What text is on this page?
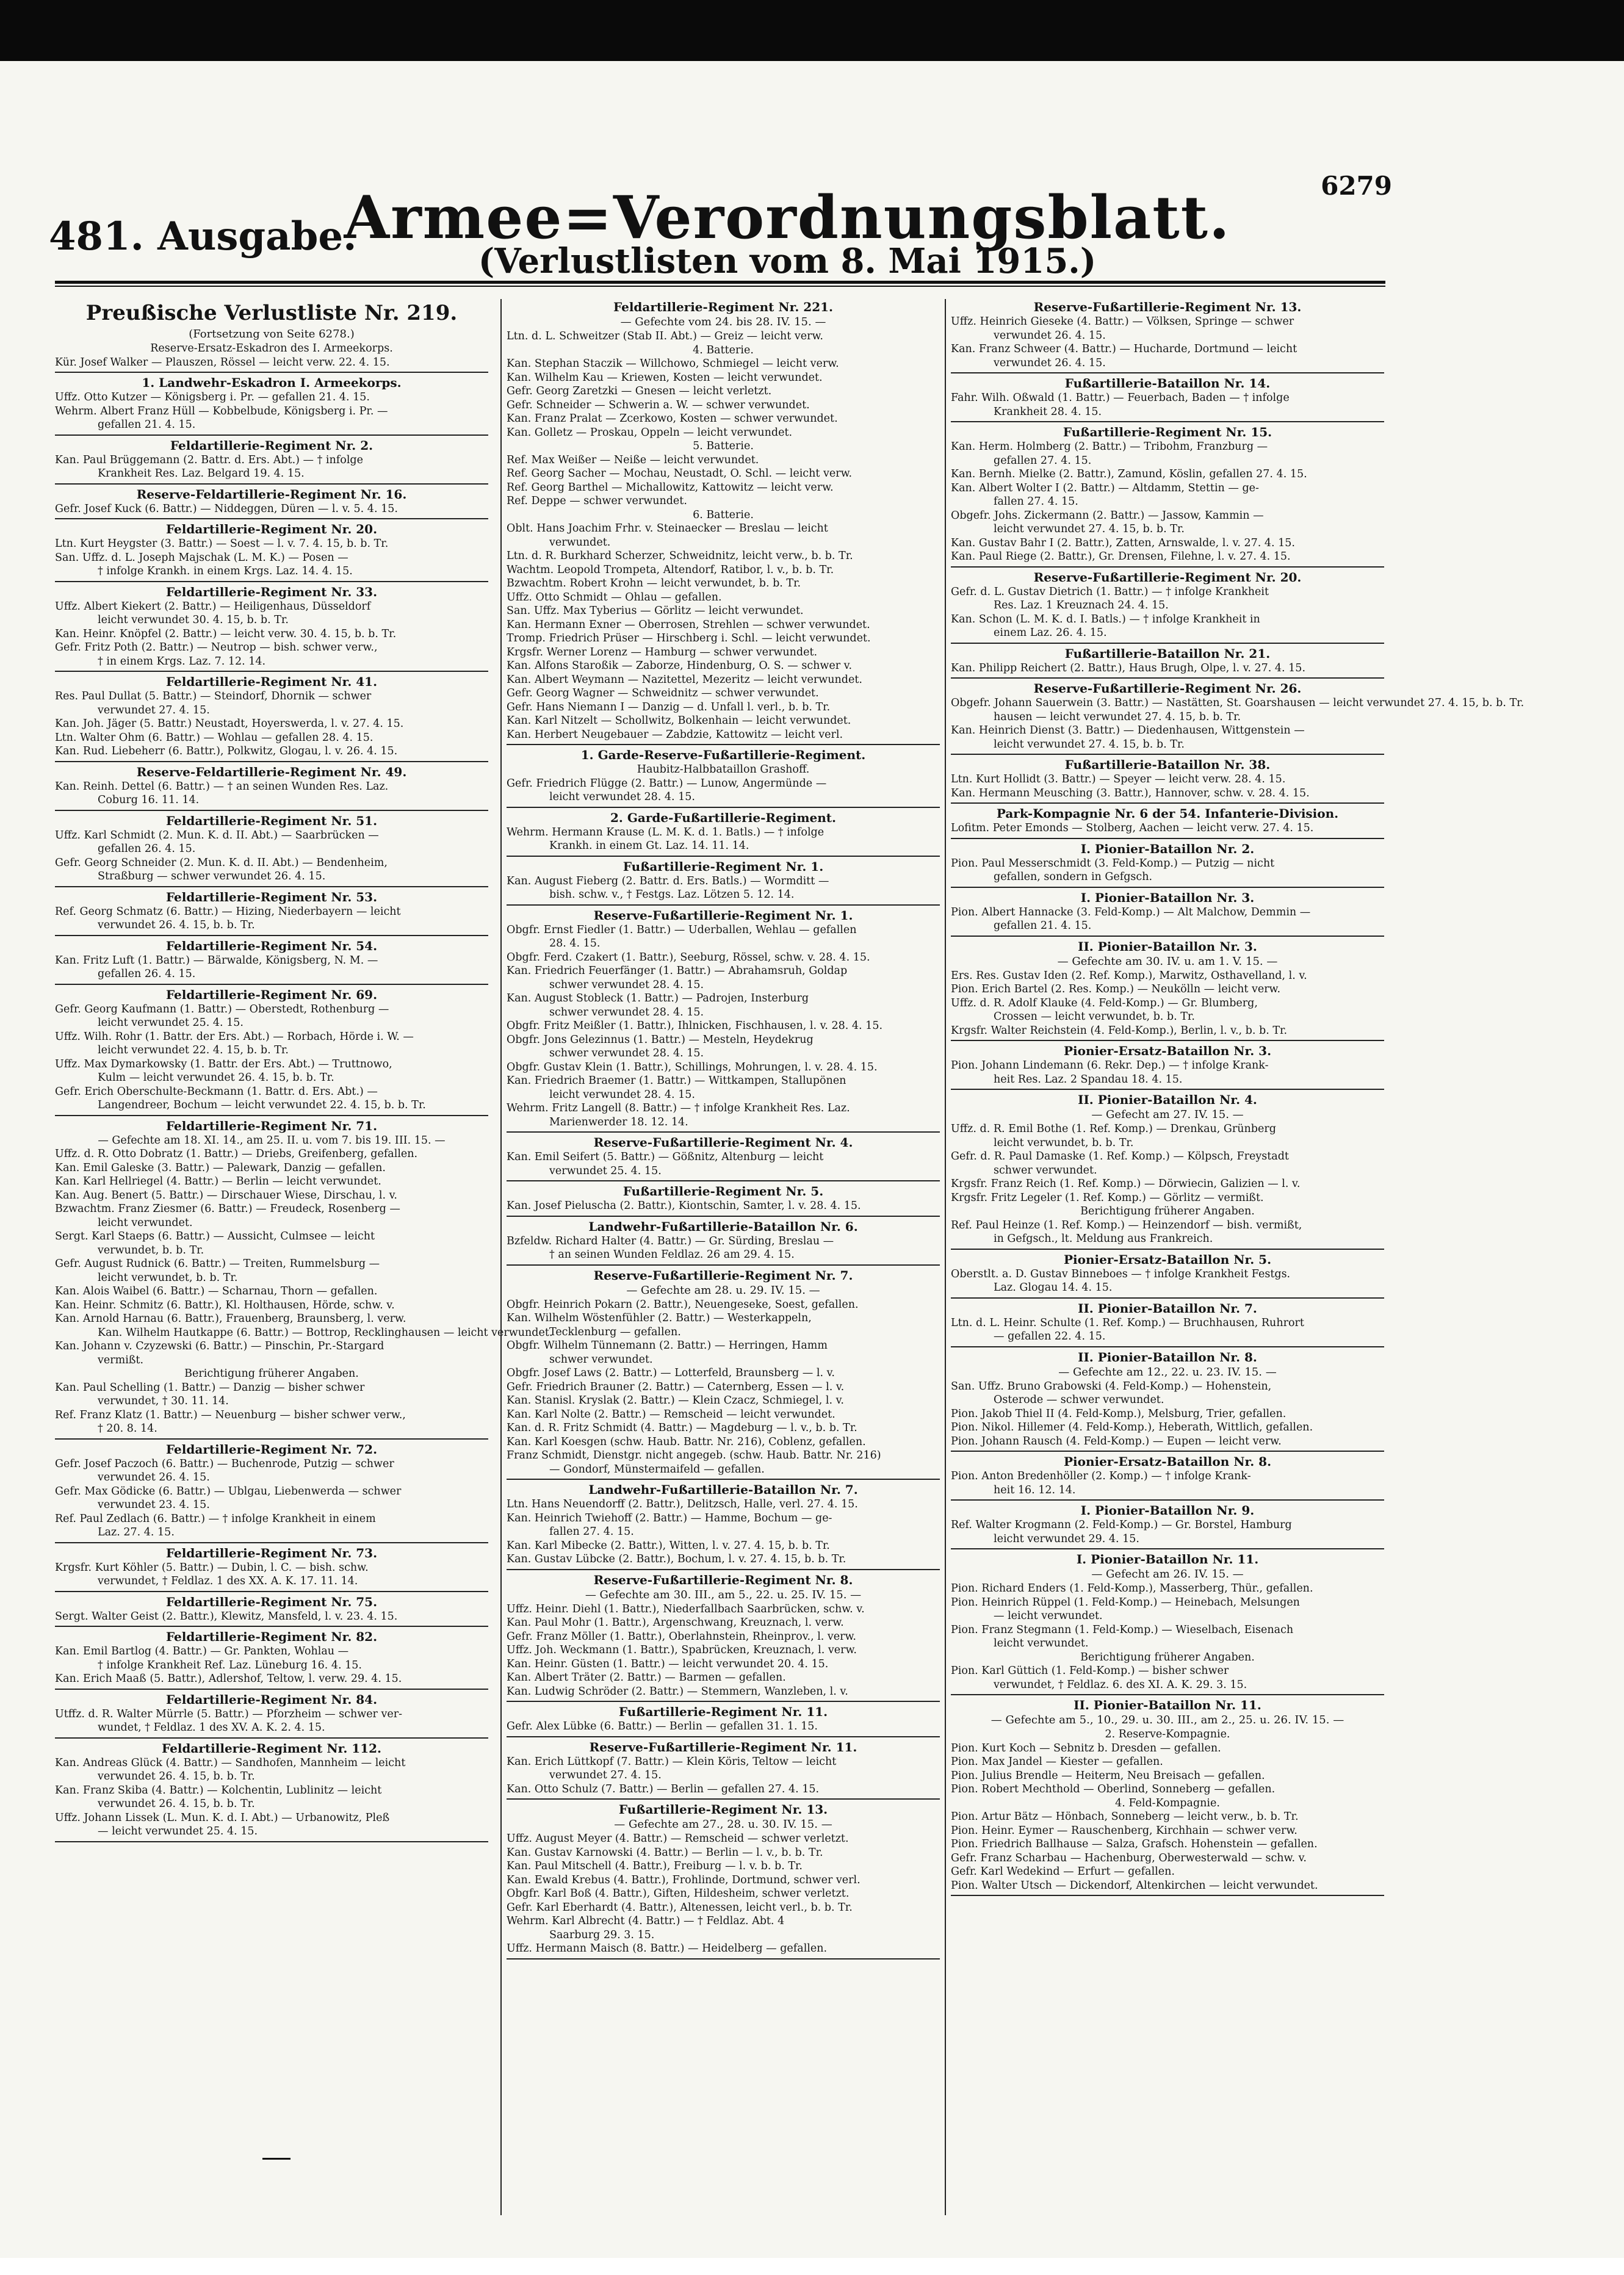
6279
481. Ausgabe.
Armee=Verordnungsblatt.
(Verlustlisten vom 8. Mai 1915.)
Preußische Verlustliste Nr. 219.
(Fortsetzung von Seite 6278.)
Reserve-Ersatz-Eskadron des I. Armeekorps.
Kür. Josef Walker — Plauszen, Rössel — leicht verw. 22. 4. 15.
1. Landwehr-Eskadron I. Armeekorps.
Uffz. Otto Kutzer — Königsberg i. Pr. — gefallen 21. 4. 15.
Wehrm. Albert Franz Hüll — Kobbelbude, Königsberg i. Pr. —
gefallen 21. 4. 15.
Feldartillerie-Regiment Nr. 2.
Kan. Paul Brüggemann (2. Battr. d. Ers. Abt.) — † infolge
Krankheit Res. Laz. Belgard 19. 4. 15.
Reserve-Feldartillerie-Regiment Nr. 16.
Gefr. Josef Kuck (6. Battr.) — Niddeggen, Düren — l. v. 5. 4. 15.
Feldartillerie-Regiment Nr. 20.
Ltn. Kurt Heygster (3. Battr.) — Soest — l. v. 7. 4. 15, b. b. Tr.
San. Uffz. d. L. Joseph Majschak (L. M. K.) — Posen —
† infolge Krankh. in einem Krgs. Laz. 14. 4. 15.
Feldartillerie-Regiment Nr. 33.
Uffz. Albert Kiekert (2. Battr.) — Heiligenhaus, Düsseldorf
leicht verwundet 30. 4. 15, b. b. Tr.
Kan. Heinr. Knöpfel (2. Battr.) — leicht verw. 30. 4. 15, b. b. Tr.
Gefr. Fritz Poth (2. Battr.) — Neutrop — bish. schwer verw.,
† in einem Krgs. Laz. 7. 12. 14.
Feldartillerie-Regiment Nr. 41.
Res. Paul Dullat (5. Battr.) — Steindorf, Dhornik — schwer
verwundet 27. 4. 15.
Kan. Joh. Jäger (5. Battr.) Neustadt, Hoyerswerda, l. v. 27. 4. 15.
Ltn. Walter Ohm (6. Battr.) — Wohlau — gefallen 28. 4. 15.
Kan. Rud. Liebeherr (6. Battr.), Polkwitz, Glogau, l. v. 26. 4. 15.
Reserve-Feldartillerie-Regiment Nr. 49.
Kan. Reinh. Dettel (6. Battr.) — † an seinen Wunden Res. Laz.
Coburg 16. 11. 14.
Feldartillerie-Regiment Nr. 51.
Uffz. Karl Schmidt (2. Mun. K. d. II. Abt.) — Saarbrücken —
gefallen 26. 4. 15.
Gefr. Georg Schneider (2. Mun. K. d. II. Abt.) — Bendenheim,
Straßburg — schwer verwundet 26. 4. 15.
Feldartillerie-Regiment Nr. 53.
Ref. Georg Schmatz (6. Battr.) — Hizing, Niederbayern — leicht
verwundet 26. 4. 15, b. b. Tr.
Feldartillerie-Regiment Nr. 54.
Kan. Fritz Luft (1. Battr.) — Bärwalde, Königsberg, N. M. —
gefallen 26. 4. 15.
Feldartillerie-Regiment Nr. 69.
Gefr. Georg Kaufmann (1. Battr.) — Oberstedt, Rothenburg —
leicht verwundet 25. 4. 15.
Uffz. Wilh. Rohr (1. Battr. der Ers. Abt.) — Rorbach, Hörde i. W. —
leicht verwundet 22. 4. 15, b. b. Tr.
Uffz. Max Dymarkowsky (1. Battr. der Ers. Abt.) — Truttnowo,
Kulm — leicht verwundet 26. 4. 15, b. b. Tr.
Gefr. Erich Oberschulte-Beckmann (1. Battr. d. Ers. Abt.) —
Langendreer, Bochum — leicht verwundet 22. 4. 15, b. b. Tr.
Feldartillerie-Regiment Nr. 71.
— Gefechte am 18. XI. 14., am 25. II. u. vom 7. bis 19. III. 15. —
Uffz. d. R. Otto Dobratz (1. Battr.) — Driebs, Greifenberg, gefallen.
Kan. Emil Galeske (3. Battr.) — Palewark, Danzig — gefallen.
Kan. Karl Hellriegel (4. Battr.) — Berlin — leicht verwundet.
Kan. Aug. Benert (5. Battr.) — Dirschauer Wiese, Dirschau, l. v.
Bzwachtm. Franz Ziesmer (6. Battr.) — Freudeck, Rosenberg —
leicht verwundet.
Sergt. Karl Staeps (6. Battr.) — Aussicht, Culmsee — leicht
verwundet, b. b. Tr.
Gefr. August Rudnick (6. Battr.) — Treiten, Rummelsburg —
leicht verwundet, b. b. Tr.
Kan. Alois Waibel (6. Battr.) — Scharnau, Thorn — gefallen.
Kan. Heinr. Schmitz (6. Battr.), Kl. Holthausen, Hörde, schw. v.
Kan. Arnold Harnau (6. Battr.), Frauenberg, Braunsberg, l. verw.
Kan. Wilhelm Hautkappe (6. Battr.) — Bottrop, Recklinghausen — leicht verwundet.
Kan. Johann v. Czyzewski (6. Battr.) — Pinschin, Pr.-Stargard
vermißt.
Berichtigung früherer Angaben.
Kan. Paul Schelling (1. Battr.) — Danzig — bisher schwer
verwundet, † 30. 11. 14.
Ref. Franz Klatz (1. Battr.) — Neuenburg — bisher schwer verw.,
† 20. 8. 14.
Feldartillerie-Regiment Nr. 72.
Gefr. Josef Paczoch (6. Battr.) — Buchenrode, Putzig — schwer
verwundet 26. 4. 15.
Gefr. Max Gödicke (6. Battr.) — Ublgau, Liebenwerda — schwer
verwundet 23. 4. 15.
Ref. Paul Zedlach (6. Battr.) — † infolge Krankheit in einem
Laz. 27. 4. 15.
Feldartillerie-Regiment Nr. 73.
Krgsfr. Kurt Köhler (5. Battr.) — Dubin, l. C. — bish. schw.
verwundet, † Feldlaz. 1 des XX. A. K. 17. 11. 14.
Feldartillerie-Regiment Nr. 75.
Sergt. Walter Geist (2. Battr.), Klewitz, Mansfeld, l. v. 23. 4. 15.
Feldartillerie-Regiment Nr. 82.
Kan. Emil Bartlog (4. Battr.) — Gr. Pankten, Wohlau —
† infolge Krankheit Ref. Laz. Lüneburg 16. 4. 15.
Kan. Erich Maaß (5. Battr.), Adlershof, Teltow, l. verw. 29. 4. 15.
Feldartillerie-Regiment Nr. 84.
Utffz. d. R. Walter Mürrle (5. Battr.) — Pforzheim — schwer ver-
wundet, † Feldlaz. 1 des XV. A. K. 2. 4. 15.
Feldartillerie-Regiment Nr. 112.
Kan. Andreas Glück (4. Battr.) — Sandhofen, Mannheim — leicht
verwundet 26. 4. 15, b. b. Tr.
Kan. Franz Skiba (4. Battr.) — Kolchentin, Lublinitz — leicht
verwundet 26. 4. 15, b. b. Tr.
Uffz. Johann Lissek (L. Mun. K. d. I. Abt.) — Urbanowitz, Pleß
— leicht verwundet 25. 4. 15.
Feldartillerie-Regiment Nr. 221.
— Gefechte vom 24. bis 28. IV. 15. —
Ltn. d. L. Schweitzer (Stab II. Abt.) — Greiz — leicht verw.
4. Batterie.
Kan. Stephan Staczik — Willchowo, Schmiegel — leicht verw.
Kan. Wilhelm Kau — Kriewen, Kosten — leicht verwundet.
Gefr. Georg Zaretzki — Gnesen — leicht verletzt.
Gefr. Schneider — Schwerin a. W. — schwer verwundet.
Kan. Franz Pralat — Zcerkowo, Kosten — schwer verwundet.
Kan. Golletz — Proskau, Oppeln — leicht verwundet.
5. Batterie.
Ref. Max Weißer — Neiße — leicht verwundet.
Ref. Georg Sacher — Mochau, Neustadt, O. Schl. — leicht verw.
Ref. Georg Barthel — Michallowitz, Kattowitz — leicht verw.
Ref. Deppe — schwer verwundet.
6. Batterie.
Oblt. Hans Joachim Frhr. v. Steinaecker — Breslau — leicht
verwundet.
Ltn. d. R. Burkhard Scherzer, Schweidnitz, leicht verw., b. b. Tr.
Wachtm. Leopold Trompeta, Altendorf, Ratibor, l. v., b. b. Tr.
Bzwachtm. Robert Krohn — leicht verwundet, b. b. Tr.
Uffz. Otto Schmidt — Ohlau — gefallen.
San. Uffz. Max Tyberius — Görlitz — leicht verwundet.
Kan. Hermann Exner — Oberrosen, Strehlen — schwer verwundet.
Tromp. Friedrich Prüser — Hirschberg i. Schl. — leicht verwundet.
Krgsfr. Werner Lorenz — Hamburg — schwer verwundet.
Kan. Alfons Staroßik — Zaborze, Hindenburg, O. S. — schwer v.
Kan. Albert Weymann — Nazitettel, Mezeritz — leicht verwundet.
Gefr. Georg Wagner — Schweidnitz — schwer verwundet.
Gefr. Hans Niemann I — Danzig — d. Unfall l. verl., b. b. Tr.
Kan. Karl Nitzelt — Schollwitz, Bolkenhain — leicht verwundet.
Kan. Herbert Neugebauer — Zabdzie, Kattowitz — leicht verl.
1. Garde-Reserve-Fußartillerie-Regiment.
Haubitz-Halbbataillon Grashoff.
Gefr. Friedrich Flügge (2. Battr.) — Lunow, Angermünde —
leicht verwundet 28. 4. 15.
2. Garde-Fußartillerie-Regiment.
Wehrm. Hermann Krause (L. M. K. d. 1. Batls.) — † infolge
Krankh. in einem Gt. Laz. 14. 11. 14.
Fußartillerie-Regiment Nr. 1.
Kan. August Fieberg (2. Battr. d. Ers. Batls.) — Wormditt —
bish. schw. v., † Festgs. Laz. Lötzen 5. 12. 14.
Reserve-Fußartillerie-Regiment Nr. 1.
Obgfr. Ernst Fiedler (1. Battr.) — Uderballen, Wehlau — gefallen
28. 4. 15.
Obgfr. Ferd. Czakert (1. Battr.), Seeburg, Rössel, schw. v. 28. 4. 15.
Kan. Friedrich Feuerfänger (1. Battr.) — Abrahamsruh, Goldap
schwer verwundet 28. 4. 15.
Kan. August Stobleck (1. Battr.) — Padrojen, Insterburg
schwer verwundet 28. 4. 15.
Obgfr. Fritz Meißler (1. Battr.), Ihlnicken, Fischhausen, l. v. 28. 4. 15.
Obgfr. Jons Gelezinnus (1. Battr.) — Mesteln, Heydekrug
schwer verwundet 28. 4. 15.
Obgfr. Gustav Klein (1. Battr.), Schillings, Mohrungen, l. v. 28. 4. 15.
Kan. Friedrich Braemer (1. Battr.) — Wittkampen, Stallupönen
leicht verwundet 28. 4. 15.
Wehrm. Fritz Langell (8. Battr.) — † infolge Krankheit Res. Laz.
Marienwerder 18. 12. 14.
Reserve-Fußartillerie-Regiment Nr. 4.
Kan. Emil Seifert (5. Battr.) — Gößnitz, Altenburg — leicht
verwundet 25. 4. 15.
Fußartillerie-Regiment Nr. 5.
Kan. Josef Pieluscha (2. Battr.), Kiontschin, Samter, l. v. 28. 4. 15.
Landwehr-Fußartillerie-Bataillon Nr. 6.
Bzfeldw. Richard Halter (4. Battr.) — Gr. Sürding, Breslau —
† an seinen Wunden Feldlaz. 26 am 29. 4. 15.
Reserve-Fußartillerie-Regiment Nr. 7.
— Gefechte am 28. u. 29. IV. 15. —
Obgfr. Heinrich Pokarn (2. Battr.), Neuengeseke, Soest, gefallen.
Kan. Wilhelm Wöstenfühler (2. Battr.) — Westerkappeln,
Tecklenburg — gefallen.
Obgfr. Wilhelm Tünnemann (2. Battr.) — Herringen, Hamm
schwer verwundet.
Obgfr. Josef Laws (2. Battr.) — Lotterfeld, Braunsberg — l. v.
Gefr. Friedrich Brauner (2. Battr.) — Caternberg, Essen — l. v.
Kan. Stanisl. Kryslak (2. Battr.) — Klein Czacz, Schmiegel, l. v.
Kan. Karl Nolte (2. Battr.) — Remscheid — leicht verwundet.
Kan. d. R. Fritz Schmidt (4. Battr.) — Magdeburg — l. v., b. b. Tr.
Kan. Karl Koesgen (schw. Haub. Battr. Nr. 216), Coblenz, gefallen.
Franz Schmidt, Dienstgr. nicht angegeb. (schw. Haub. Battr. Nr. 216)
— Gondorf, Münstermaifeld — gefallen.
Landwehr-Fußartillerie-Bataillon Nr. 7.
Ltn. Hans Neuendorff (2. Battr.), Delitzsch, Halle, verl. 27. 4. 15.
Kan. Heinrich Twiehoff (2. Battr.) — Hamme, Bochum — ge-
fallen 27. 4. 15.
Kan. Karl Mibecke (2. Battr.), Witten, l. v. 27. 4. 15, b. b. Tr.
Kan. Gustav Lübcke (2. Battr.), Bochum, l. v. 27. 4. 15, b. b. Tr.
Reserve-Fußartillerie-Regiment Nr. 8.
— Gefechte am 30. III., am 5., 22. u. 25. IV. 15. —
Uffz. Heinr. Diehl (1. Battr.), Niederfallbach Saarbrücken, schw. v.
Kan. Paul Mohr (1. Battr.), Argenschwang, Kreuznach, l. verw.
Gefr. Franz Möller (1. Battr.), Oberlahnstein, Rheinprov., l. verw.
Uffz. Joh. Weckmann (1. Battr.), Spabrücken, Kreuznach, l. verw.
Kan. Heinr. Güsten (1. Battr.) — leicht verwundet 20. 4. 15.
Kan. Albert Träter (2. Battr.) — Barmen — gefallen.
Kan. Ludwig Schröder (2. Battr.) — Stemmern, Wanzleben, l. v.
Fußartillerie-Regiment Nr. 11.
Gefr. Alex Lübke (6. Battr.) — Berlin — gefallen 31. 1. 15.
Reserve-Fußartillerie-Regiment Nr. 11.
Kan. Erich Lüttkopf (7. Battr.) — Klein Köris, Teltow — leicht
verwundet 27. 4. 15.
Kan. Otto Schulz (7. Battr.) — Berlin — gefallen 27. 4. 15.
Fußartillerie-Regiment Nr. 13.
— Gefechte am 27., 28. u. 30. IV. 15. —
Uffz. August Meyer (4. Battr.) — Remscheid — schwer verletzt.
Kan. Gustav Karnowski (4. Battr.) — Berlin — l. v., b. b. Tr.
Kan. Paul Mitschell (4. Battr.), Freiburg — l. v. b. b. Tr.
Kan. Ewald Krebus (4. Battr.), Frohlinde, Dortmund, schwer verl.
Obgfr. Karl Boß (4. Battr.), Giften, Hildesheim, schwer verletzt.
Gefr. Karl Eberhardt (4. Battr.), Altenessen, leicht verl., b. b. Tr.
Wehrm. Karl Albrecht (4. Battr.) — † Feldlaz. Abt. 4
Saarburg 29. 3. 15.
Uffz. Hermann Maisch (8. Battr.) — Heidelberg — gefallen.
Reserve-Fußartillerie-Regiment Nr. 13.
Uffz. Heinrich Gieseke (4. Battr.) — Völksen, Springe — schwer
verwundet 26. 4. 15.
Kan. Franz Schweer (4. Battr.) — Hucharde, Dortmund — leicht
verwundet 26. 4. 15.
Fußartillerie-Bataillon Nr. 14.
Fahr. Wilh. Oßwald (1. Battr.) — Feuerbach, Baden — † infolge
Krankheit 28. 4. 15.
Fußartillerie-Regiment Nr. 15.
Kan. Herm. Holmberg (2. Battr.) — Tribohm, Franzburg —
gefallen 27. 4. 15.
Kan. Bernh. Mielke (2. Battr.), Zamund, Köslin, gefallen 27. 4. 15.
Kan. Albert Wolter I (2. Battr.) — Altdamm, Stettin — ge-
fallen 27. 4. 15.
Obgefr. Johs. Zickermann (2. Battr.) — Jassow, Kammin —
leicht verwundet 27. 4. 15, b. b. Tr.
Kan. Gustav Bahr I (2. Battr.), Zatten, Arnswalde, l. v. 27. 4. 15.
Kan. Paul Riege (2. Battr.), Gr. Drensen, Filehne, l. v. 27. 4. 15.
Reserve-Fußartillerie-Regiment Nr. 20.
Gefr. d. L. Gustav Dietrich (1. Battr.) — † infolge Krankheit
Res. Laz. 1 Kreuznach 24. 4. 15.
Kan. Schon (L. M. K. d. I. Batls.) — † infolge Krankheit in
einem Laz. 26. 4. 15.
Fußartillerie-Bataillon Nr. 21.
Kan. Philipp Reichert (2. Battr.), Haus Brugh, Olpe, l. v. 27. 4. 15.
Reserve-Fußartillerie-Regiment Nr. 26.
Obgefr. Johann Sauerwein (3. Battr.) — Nastätten, St. Goarshausen — leicht verwundet 27. 4. 15, b. b. Tr.
hausen — leicht verwundet 27. 4. 15, b. b. Tr.
Kan. Heinrich Dienst (3. Battr.) — Diedenhausen, Wittgenstein —
leicht verwundet 27. 4. 15, b. b. Tr.
Fußartillerie-Bataillon Nr. 38.
Ltn. Kurt Hollidt (3. Battr.) — Speyer — leicht verw. 28. 4. 15.
Kan. Hermann Meusching (3. Battr.), Hannover, schw. v. 28. 4. 15.
Park-Kompagnie Nr. 6 der 54. Infanterie-Division.
Lofitm. Peter Emonds — Stolberg, Aachen — leicht verw. 27. 4. 15.
I. Pionier-Bataillon Nr. 2.
Pion. Paul Messerschmidt (3. Feld-Komp.) — Putzig — nicht
gefallen, sondern in Gefgsch.
I. Pionier-Bataillon Nr. 3.
Pion. Albert Hannacke (3. Feld-Komp.) — Alt Malchow, Demmin —
gefallen 21. 4. 15.
II. Pionier-Bataillon Nr. 3.
— Gefechte am 30. IV. u. am 1. V. 15. —
Ers. Res. Gustav Iden (2. Ref. Komp.), Marwitz, Osthavelland, l. v.
Pion. Erich Bartel (2. Res. Komp.) — Neukölln — leicht verw.
Uffz. d. R. Adolf Klauke (4. Feld-Komp.) — Gr. Blumberg,
Crossen — leicht verwundet, b. b. Tr.
Krgsfr. Walter Reichstein (4. Feld-Komp.), Berlin, l. v., b. b. Tr.
Pionier-Ersatz-Bataillon Nr. 3.
Pion. Johann Lindemann (6. Rekr. Dep.) — † infolge Krank-
heit Res. Laz. 2 Spandau 18. 4. 15.
II. Pionier-Bataillon Nr. 4.
— Gefecht am 27. IV. 15. —
Uffz. d. R. Emil Bothe (1. Ref. Komp.) — Drenkau, Grünberg
leicht verwundet, b. b. Tr.
Gefr. d. R. Paul Damaske (1. Ref. Komp.) — Kölpsch, Freystadt
schwer verwundet.
Krgsfr. Franz Reich (1. Ref. Komp.) — Dörwiecin, Galizien — l. v.
Krgsfr. Fritz Legeler (1. Ref. Komp.) — Görlitz — vermißt.
Berichtigung früherer Angaben.
Ref. Paul Heinze (1. Ref. Komp.) — Heinzendorf — bish. vermißt,
in Gefgsch., lt. Meldung aus Frankreich.
Pionier-Ersatz-Bataillon Nr. 5.
Oberstlt. a. D. Gustav Binneboes — † infolge Krankheit Festgs.
Laz. Glogau 14. 4. 15.
II. Pionier-Bataillon Nr. 7.
Ltn. d. L. Heinr. Schulte (1. Ref. Komp.) — Bruchhausen, Ruhrort
— gefallen 22. 4. 15.
II. Pionier-Bataillon Nr. 8.
— Gefechte am 12., 22. u. 23. IV. 15. —
San. Uffz. Bruno Grabowski (4. Feld-Komp.) — Hohenstein,
Osterode — schwer verwundet.
Pion. Jakob Thiel II (4. Feld-Komp.), Melsburg, Trier, gefallen.
Pion. Nikol. Hillemer (4. Feld-Komp.), Heberath, Wittlich, gefallen.
Pion. Johann Rausch (4. Feld-Komp.) — Eupen — leicht verw.
Pionier-Ersatz-Bataillon Nr. 8.
Pion. Anton Bredenhöller (2. Komp.) — † infolge Krank-
heit 16. 12. 14.
I. Pionier-Bataillon Nr. 9.
Ref. Walter Krogmann (2. Feld-Komp.) — Gr. Borstel, Hamburg
leicht verwundet 29. 4. 15.
I. Pionier-Bataillon Nr. 11.
— Gefecht am 26. IV. 15. —
Pion. Richard Enders (1. Feld-Komp.), Masserberg, Thür., gefallen.
Pion. Heinrich Rüppel (1. Feld-Komp.) — Heinebach, Melsungen
— leicht verwundet.
Pion. Franz Stegmann (1. Feld-Komp.) — Wieselbach, Eisenach
leicht verwundet.
Berichtigung früherer Angaben.
Pion. Karl Güttich (1. Feld-Komp.) — bisher schwer
verwundet, † Feldlaz. 6. des XI. A. K. 29. 3. 15.
II. Pionier-Bataillon Nr. 11.
— Gefechte am 5., 10., 29. u. 30. III., am 2., 25. u. 26. IV. 15. —
2. Reserve-Kompagnie.
Pion. Kurt Koch — Sebnitz b. Dresden — gefallen.
Pion. Max Jandel — Kiester — gefallen.
Pion. Julius Brendle — Heiterm, Neu Breisach — gefallen.
Pion. Robert Mechthold — Oberlind, Sonneberg — gefallen.
4. Feld-Kompagnie.
Pion. Artur Bätz — Hönbach, Sonneberg — leicht verw., b. b. Tr.
Pion. Heinr. Eymer — Rauschenberg, Kirchhain — schwer verw.
Pion. Friedrich Ballhause — Salza, Grafsch. Hohenstein — gefallen.
Gefr. Franz Scharbau — Hachenburg, Oberwesterwald — schw. v.
Gefr. Karl Wedekind — Erfurt — gefallen.
Pion. Walter Utsch — Dickendorf, Altenkirchen — leicht verwundet.
